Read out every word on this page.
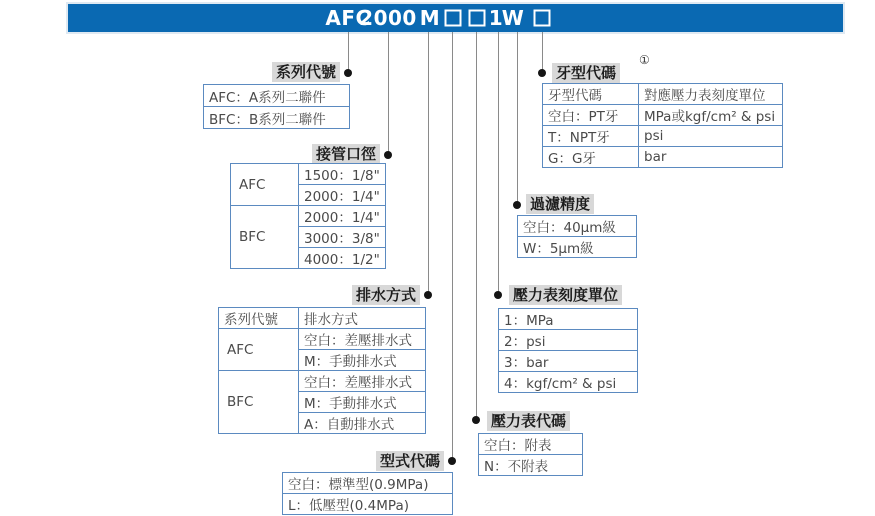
AFC
2000 M 1
W
系列代號
接管口徑
排水方式
型式代碼
牙型代碼
①
過濾精度
壓力表刻度單位
壓力表代碼
AFC：A系列二聯件
BFC：B系列二聯件
AFC	1500：1/8"
	2000：1/4"
BFC	2000：1/4"
	3000：3/8"
	4000：1/2"
系列代號	排水方式
AFC	空白：差壓排水式
	M：手動排水式
BFC	空白：差壓排水式
	M：手動排水式
	A：自動排水式
空白：標準型(0.9MPa)
L：低壓型(0.4MPa)
牙型代碼	對應壓力表刻度單位
空白：PT牙	MPa或kgf/cm² & psi
T：NPT牙	psi
G：G牙	bar
空白：40μm級
W：5μm級
1：MPa
2：psi
3：bar
4：kgf/cm² & psi
空白：附表
N：不附表
